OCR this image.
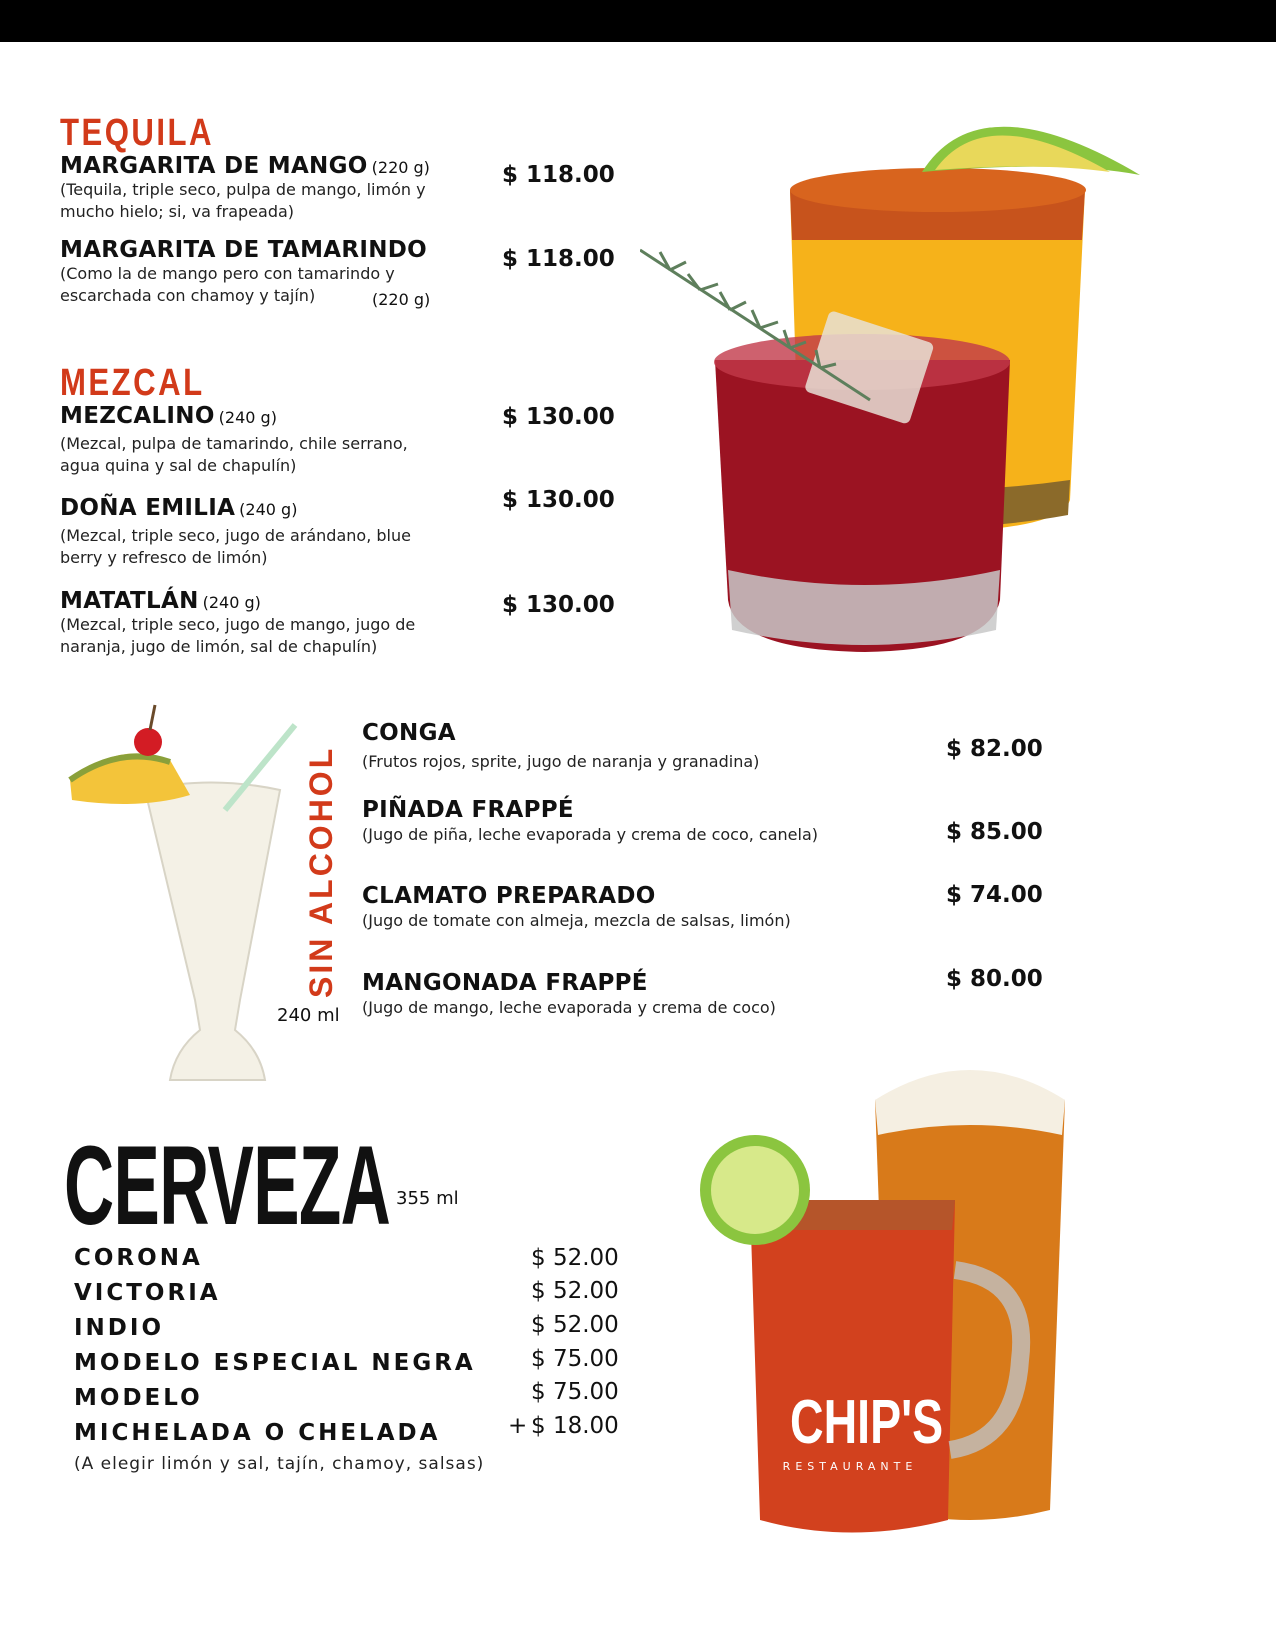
TEQUILA
MARGARITA DE MANGO (220 g)
(Tequila, triple seco, pulpa de mango, limón y mucho hielo; si, va frapeada)
$ 118.00
MARGARITA DE TAMARINDO
(Como la de mango pero con tamarindo y escarchada con chamoy y tajín)	(220 g)
$ 118.00
MEZCAL
MEZCALINO (240 g)
(Mezcal, pulpa de tamarindo, chile serrano, agua quina y sal de chapulín)
$ 130.00
DOÑA EMILIA (240 g)
(Mezcal, triple seco, jugo de arándano, blue berry y refresco de limón)
$ 130.00
MATATLÁN (240 g)
(Mezcal, triple seco, jugo de mango, jugo de naranja, jugo de limón, sal de chapulín)
$ 130.00
SIN ALCOHOL
240 ml
CONGA
(Frutos rojos, sprite, jugo de naranja y granadina)	$ 82.00
PIÑADA FRAPPÉ
(Jugo de piña, leche evaporada y crema de coco, canela)	$ 85.00
CLAMATO PREPARADO
(Jugo de tomate con almeja, mezcla de salsas, limón)
$ 74.00
MANGONADA FRAPPÉ
(Jugo de mango, leche evaporada y crema de coco)
$ 80.00
CERVEZA 355 ml
CORONA	$ 52.00
VICTORIA	$ 52.00
INDIO	$ 52.00
MODELO ESPECIAL NEGRA $ 75.00
MODELO	$ 75.00
MICHELADA O CHELADA	+ $ 18.00
(A elegir limón y sal, tajín, chamoy, salsas)
CHIP'S
RESTAURANTE
